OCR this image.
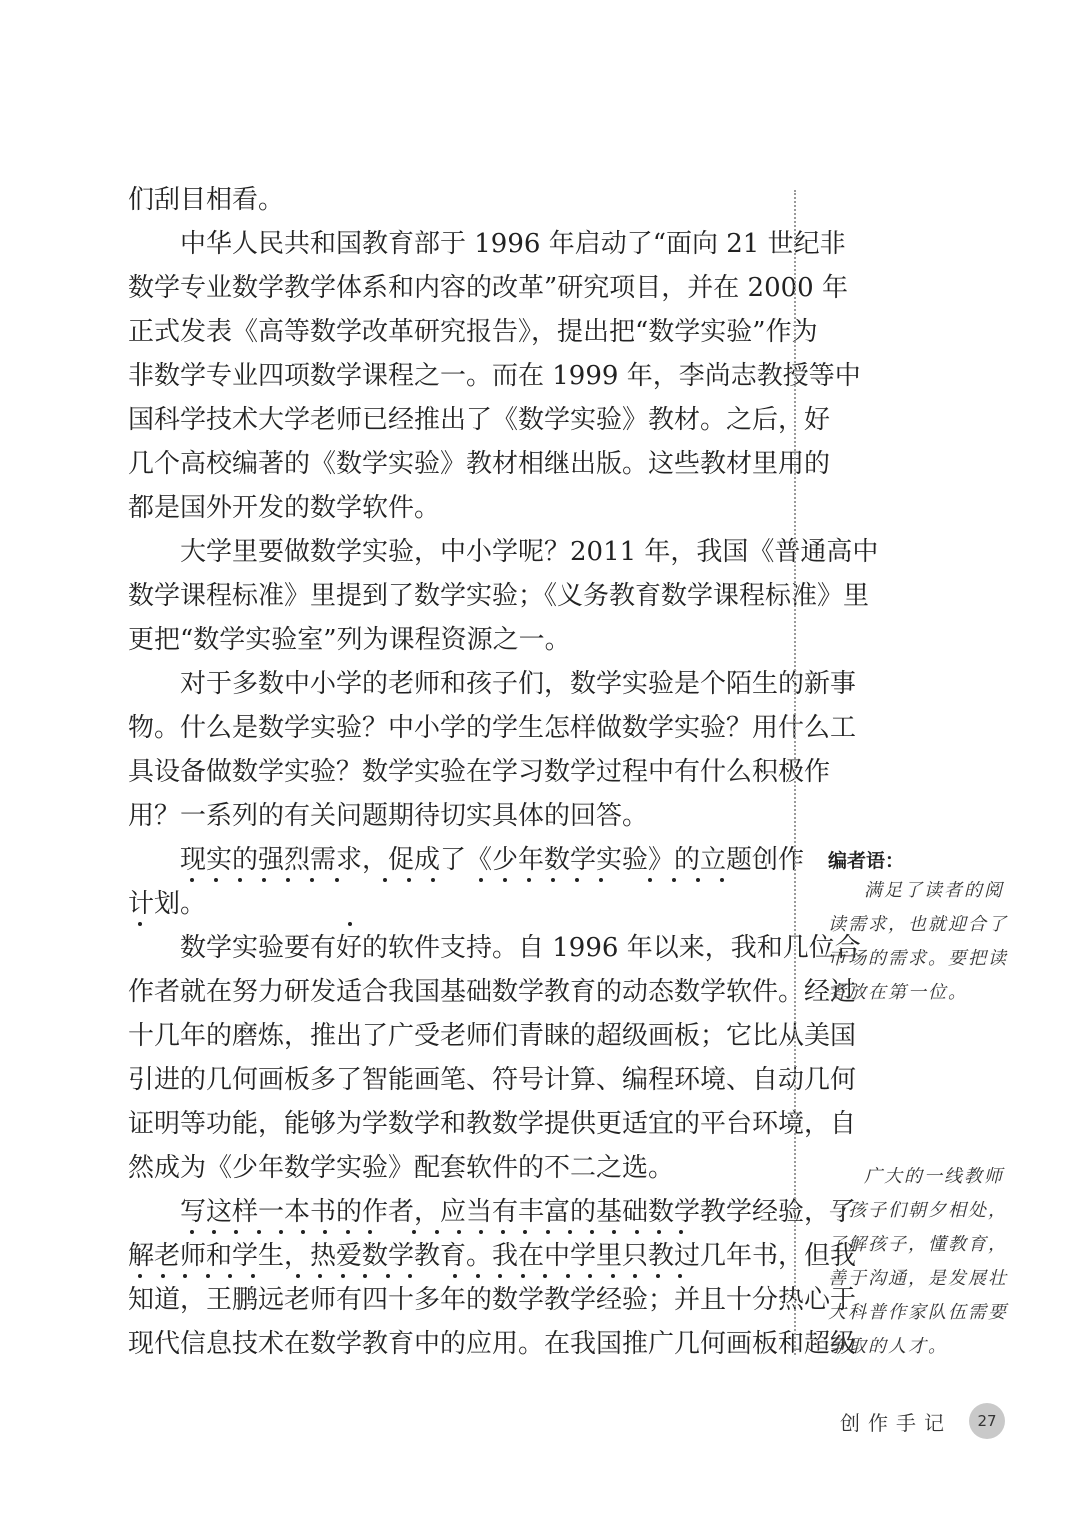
们刮目相看。
　　中华人民共和国教育部于 1996 年启动了“面向 21 世纪非
数学专业数学教学体系和内容的改革”研究项目，并在 2000 年
正式发表《高等数学改革研究报告》，提出把“数学实验”作为
非数学专业四项数学课程之一。而在 1999 年，李尚志教授等中
国科学技术大学老师已经推出了《数学实验》教材。之后，好
几个高校编著的《数学实验》教材相继出版。这些教材里用的
都是国外开发的数学软件。
　　大学里要做数学实验，中小学呢？2011 年，我国《普通高中
数学课程标准》里提到了数学实验；《义务教育数学课程标准》里
更把“数学实验室”列为课程资源之一。
　　对于多数中小学的老师和孩子们，数学实验是个陌生的新事
物。什么是数学实验？中小学的学生怎样做数学实验？用什么工
具设备做数学实验？数学实验在学习数学过程中有什么积极作
用？一系列的有关问题期待切实具体的回答。
　　现实的强烈需求，促成了《少年数学实验》的立题创作
计划。
　　数学实验要有好的软件支持。自 1996 年以来，我和几位合
作者就在努力研发适合我国基础数学教育的动态数学软件。经过
十几年的磨炼，推出了广受老师们青睐的超级画板；它比从美国
引进的几何画板多了智能画笔、符号计算、编程环境、自动几何
证明等功能，能够为学数学和教数学提供更适宜的平台环境，自
然成为《少年数学实验》配套软件的不二之选。
　　写这样一本书的作者，应当有丰富的基础数学教学经验，了
解老师和学生，热爱数学教育。我在中学里只教过几年书，但我
知道，王鹏远老师有四十多年的数学教学经验；并且十分热心于
现代信息技术在数学教育中的应用。在我国推广几何画板和超级
编者语：
满足了读者的阅
读需求，也就迎合了
市场的需求。要把读
者放在第一位。
广大的一线教师
与孩子们朝夕相处，
了解孩子，懂教育，
善于沟通，是发展壮
大科普作家队伍需要
争取的人才。
创作手记	27
